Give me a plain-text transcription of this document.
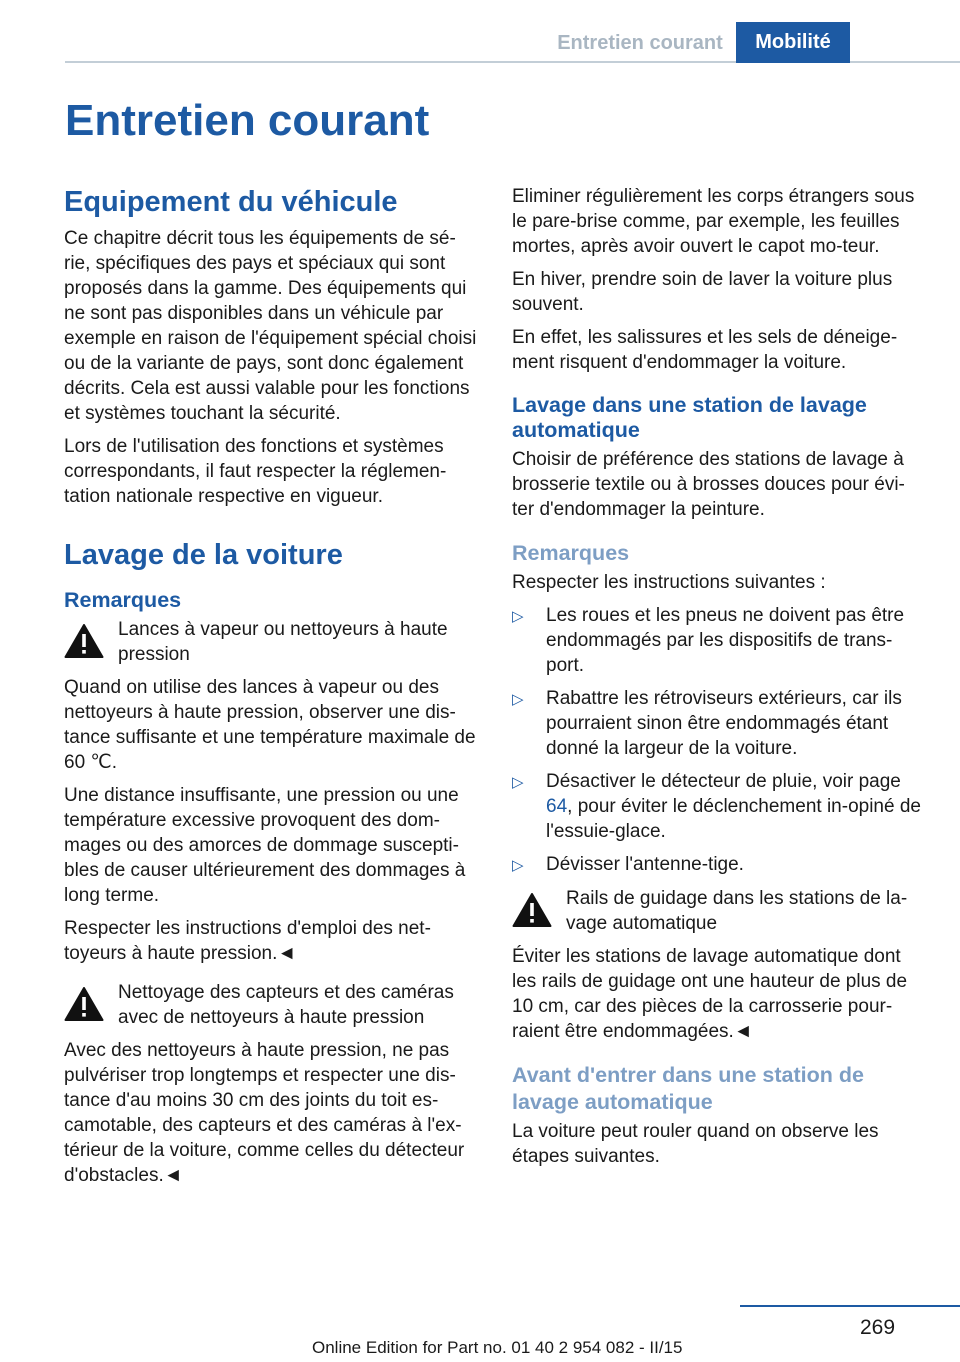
Entretien courant	Mobilité
Entretien courant
Equipement du véhicule

Ce chapitre décrit tous les équipements de sé-rie, spécifiques des pays et spéciaux qui sont proposés dans la gamme. Des équipements qui ne sont pas disponibles dans un véhicule par exemple en raison de l'équipement spécial choisi ou de la variante de pays, sont donc également décrits. Cela est aussi valable pour les fonctions et systèmes touchant la sécurité.

Lors de l'utilisation des fonctions et systèmes correspondants, il faut respecter la réglemen-tation nationale respective en vigueur.

Lavage de la voiture
Remarques
Lances à vapeur ou nettoyeurs à haute pression

Quand on utilise des lances à vapeur ou des nettoyeurs à haute pression, observer une dis-tance suffisante et une température maximale de 60 ℃.

Une distance insuffisante, une pression ou une température excessive provoquent des dom-mages ou des amorces de dommage suscepti-bles de causer ultérieurement des dommages à long terme.

Respecter les instructions d'emploi des net-toyeurs à haute pression.◄

Nettoyage des capteurs et des caméras avec de nettoyeurs à haute pression

Avec des nettoyeurs à haute pression, ne pas pulvériser trop longtemps et respecter une dis-tance d'au moins 30 cm des joints du toit es-camotable, des capteurs et des caméras à l'ex-térieur de la voiture, comme celles du détecteur d'obstacles.◄

Eliminer régulièrement les corps étrangers sous le pare-brise comme, par exemple, les feuilles mortes, après avoir ouvert le capot mo-teur.

En hiver, prendre soin de laver la voiture plus souvent.

En effet, les salissures et les sels de déneige-ment risquent d'endommager la voiture.

Lavage dans une station de lavage automatique

Choisir de préférence des stations de lavage à brosserie textile ou à brosses douces pour évi-ter d'endommager la peinture.

Remarques

Respecter les instructions suivantes :

▷	Les roues et les pneus ne doivent pas être endommagés par les dispositifs de trans-port.
▷	Rabattre les rétroviseurs extérieurs, car ils pourraient sinon être endommagés étant donné la largeur de la voiture.
▷	Désactiver le détecteur de pluie, voir page 64, pour éviter le déclenchement in-opiné de l'essuie-glace.
▷	Dévisser l'antenne-tige.
Rails de guidage dans les stations de la-vage automatique

Éviter les stations de lavage automatique dont les rails de guidage ont une hauteur de plus de 10 cm, car des pièces de la carrosserie pour-raient être endommagées.◄

Avant d'entrer dans une station de lavage automatique

La voiture peut rouler quand on observe les étapes suivantes.

269
Online Edition for Part no. 01 40 2 954 082 - II/15
